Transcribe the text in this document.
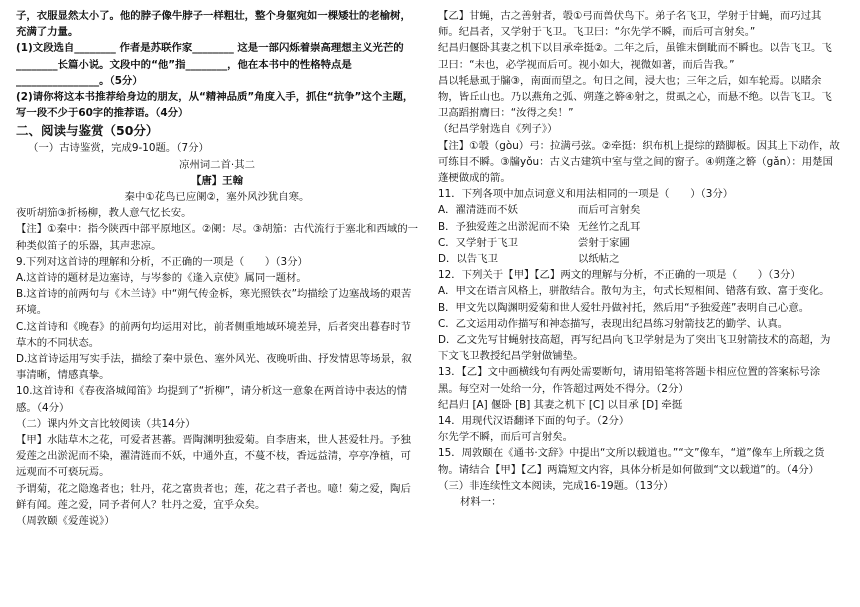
子，衣服显然太小了。他的脖子像牛脖子一样粗壮，整个身躯宛如一棵矮壮的老榆树，充满了力量。
(1)文段选自________ 作者是苏联作家________ 这是一部闪烁着崇高理想主义光芒的________长篇小说。文段中的“他”指________，他在本书中的性格特点是________________。（5分）
(2)请你将这本书推荐给身边的朋友，从“精神品质”角度入手，抓住“抗争”这个主题，写一段不少于60字的推荐语。（4分）
二、阅读与鉴赏（50分）
（一）古诗鉴赏，完成9-10题。（7分）
凉州词二首·其二
【唐】王翰
秦中①花鸟已应阑②，塞外风沙犹自寒。
夜听胡笳③折杨柳，教人意气忆长安。
【注】①秦中：指今陕西中部平原地区。②阑：尽。③胡笳：古代流行于塞北和西域的一种类似笛子的乐器，其声悲凉。
9.下列对这首诗的理解和分析，不正确的一项是（　　）（3分）
A.这首诗的题材是边塞诗，与岑参的《逢入京使》属同一题材。
B.这首诗的前两句与《木兰诗》中“朔气传金柝，寒光照铁衣”均描绘了边塞战场的艰苦环境。
C.这首诗和《晚春》的前两句均运用对比，前者侧重地域环境差异，后者突出暮春时节草木的不同状态。
D.这首诗运用写实手法，描绘了秦中景色、塞外风光、夜晚听曲、抒发情思等场景，叙事清晰，情感真挚。
10.这首诗和《春夜洛城闻笛》均提到了“折柳”，请分析这一意象在两首诗中表达的情感。（4分）
（二）课内外文言比较阅读（共14分）
【甲】水陆草木之花，可爱者甚蕃。晋陶渊明独爱菊。自李唐来，世人甚爱牡丹。予独爱莲之出淤泥而不染，濯清涟而不妖，中通外直，不蔓不枝，香远益清，亭亭净植，可远观而不可亵玩焉。
予谓菊，花之隐逸者也；牡丹，花之富贵者也；莲，花之君子者也。噫！菊之爱，陶后鲜有闻。莲之爱，同予者何人？牡丹之爱，宜乎众矣。
（周敦颐《爱莲说》）
【乙】甘蝇，古之善射者，彀①弓而兽伏鸟下。弟子名飞卫，学射于甘蝇，而巧过其师。纪昌者，又学射于飞卫。飞卫曰：“尔先学不瞬，而后可言射矣。”
纪昌归偃卧其妻之机下以目承牵挺②。二年之后，虽锥末倒眦而不瞬也。以告飞卫。飞卫曰：“未也，必学视而后可。视小如大，视微如著，而后告我。”
昌以牦悬虱于牖③，南面而望之。旬日之间，浸大也；三年之后，如车轮焉。以睹余物，皆丘山也。乃以燕角之弧、朔蓬之簳④射之，贯虱之心，而悬不绝。以告飞卫。飞卫高蹈拊膺曰：“汝得之矣！”
（纪昌学射选自《列子》）
【注】①彀（gòu）弓：拉满弓弦。②牵挺：织布机上提综的踏脚板。因其上下动作，故可练目不瞬。③牖yǒu：古义古建筑中室与堂之间的窗子。④朔蓬之簳（gǎn）：用楚国蓬梗做成的箭。
11．下列各项中加点词意义和用法相同的一项是（　　）（3分）
A．濯清涟而不妖	而后可言射矣
B．予独爱莲之出淤泥而不染 无丝竹之乱耳
C．又学射于飞卫	尝射于家圃
D．以告飞卫	以纸帖之
12．下列关于【甲】【乙】两文的理解与分析，不正确的一项是（　　）（3分）
A．甲文在语言风格上，骈散结合。散句为主，句式长短相间、错落有致、富于变化。
B．甲文先以陶渊明爱菊和世人爱牡丹做衬托，然后用“予独爱莲”表明自己心意。
C．乙文运用动作描写和神态描写，表现出纪昌练习射箭技艺的勤学、认真。
D．乙文先写甘蝇射技高超，再写纪昌向飞卫学射是为了突出飞卫射箭技术的高超，为下文飞卫教授纪昌学射做铺垫。
13．【乙】文中画横线句有两处需要断句，请用铅笔将答题卡相应位置的答案标号涂黑。每空对一处给一分，作答超过两处不得分。（2分）
纪昌归 [A] 偃卧 [B] 其妻之机下 [C] 以目承 [D] 牵挺
14．用现代汉语翻译下面的句子。（2分）
尔先学不瞬，而后可言射矣。
15．周敦颐在《通书·文辞》中提出“文所以载道也。”“文”像车，“道”像车上所载之货物。请结合【甲】【乙】两篇短文内容，具体分析是如何做到“文以载道”的。（4分）
（三）非连续性文本阅读，完成16-19题。（13分）
材料一：
